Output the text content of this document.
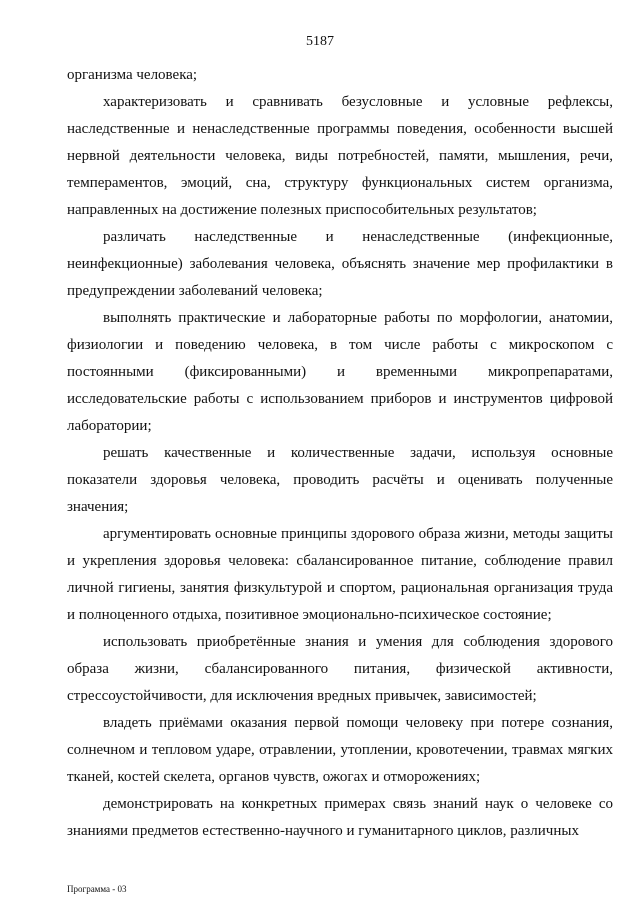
5187

организма человека;

характеризовать и сравнивать безусловные и условные рефлексы, наследственные и ненаследственные программы поведения, особенности высшей нервной деятельности человека, виды потребностей, памяти, мышления, речи, темпераментов, эмоций, сна, структуру функциональных систем организма, направленных на достижение полезных приспособительных результатов;

различать наследственные и ненаследственные (инфекционные, неинфекционные) заболевания человека, объяснять значение мер профилактики в предупреждении заболеваний человека;

выполнять практические и лабораторные работы по морфологии, анатомии, физиологии и поведению человека, в том числе работы с микроскопом с постоянными (фиксированными) и временными микропрепаратами, исследовательские работы с использованием приборов и инструментов цифровой лаборатории;

решать качественные и количественные задачи, используя основные показатели здоровья человека, проводить расчёты и оценивать полученные значения;

аргументировать основные принципы здорового образа жизни, методы защиты и укрепления здоровья человека: сбалансированное питание, соблюдение правил личной гигиены, занятия физкультурой и спортом, рациональная организация труда и полноценного отдыха, позитивное эмоционально-психическое состояние;

использовать приобретённые знания и умения для соблюдения здорового образа жизни, сбалансированного питания, физической активности, стрессоустойчивости, для исключения вредных привычек, зависимостей;

владеть приёмами оказания первой помощи человеку при потере сознания, солнечном и тепловом ударе, отравлении, утоплении, кровотечении, травмах мягких тканей, костей скелета, органов чувств, ожогах и отморожениях;

демонстрировать на конкретных примерах связь знаний наук о человеке со знаниями предметов естественно-научного и гуманитарного циклов, различных

Программа - 03
